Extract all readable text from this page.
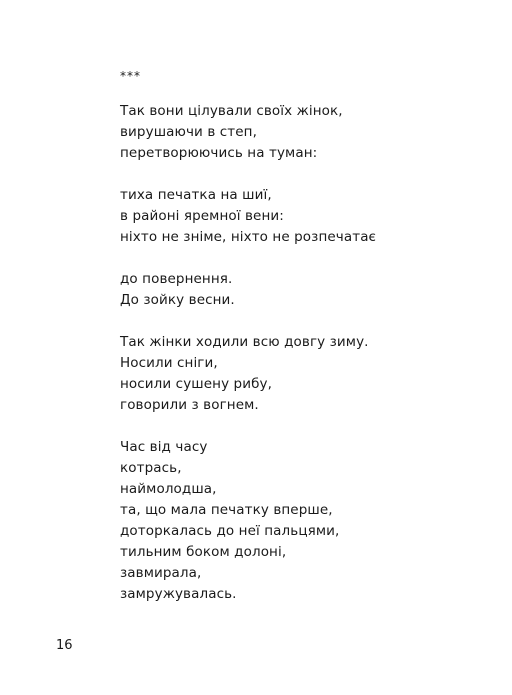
***
Так вони цілували своїх жінок,
вирушаючи в степ,
перетворюючись на туман:
тиха печатка на шиї,
в районі яремної вени:
ніхто не зніме, ніхто не розпечатає
до повернення.
До зойку весни.
Так жінки ходили всю довгу зиму.
Носили сніги,
носили сушену рибу,
говорили з вогнем.
Час від часу
котрась,
наймолодша,
та, що мала печатку вперше,
доторкалась до неї пальцями,
тильним боком долоні,
завмирала,
замружувалась.
16
